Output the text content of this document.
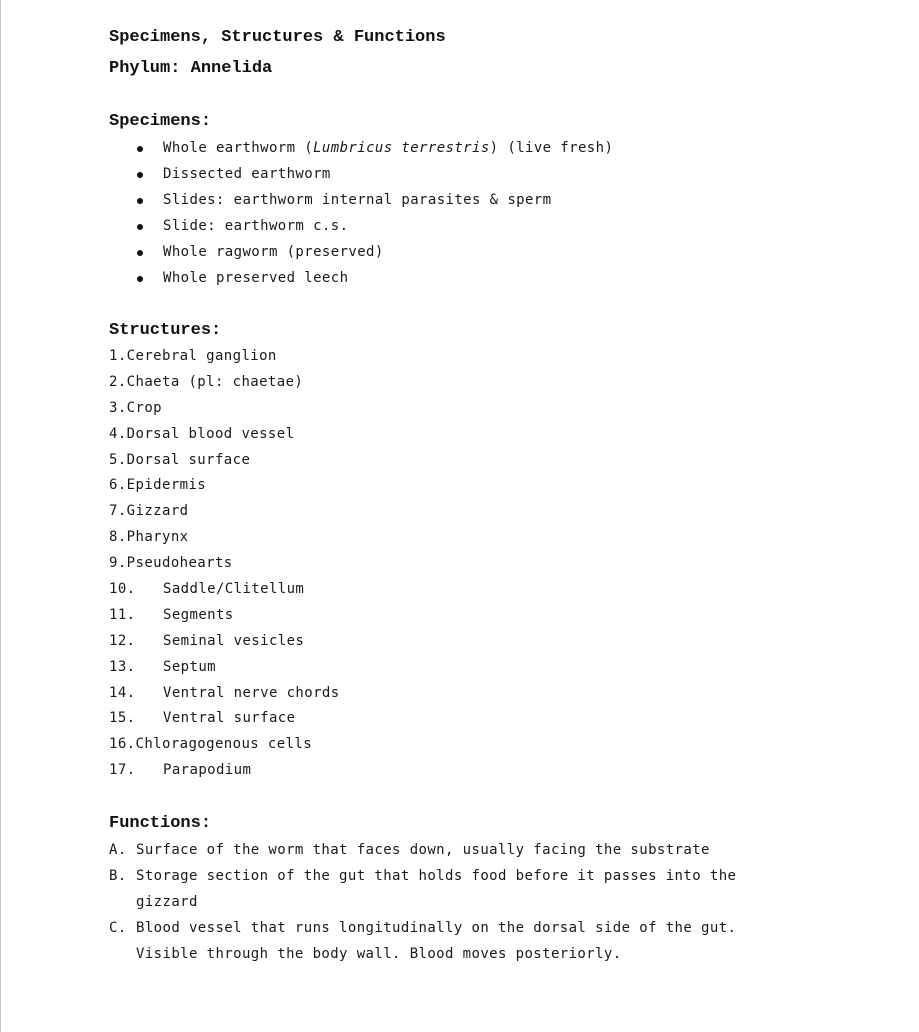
Specimens, Structures & Functions
Phylum: Annelida
Specimens:
Whole earthworm (Lumbricus terrestris) (live fresh)
Dissected earthworm
Slides: earthworm internal parasites & sperm
Slide: earthworm c.s.
Whole ragworm (preserved)
Whole preserved leech
Structures:
1.Cerebral ganglion
2.Chaeta (pl: chaetae)
3.Crop
4.Dorsal blood vessel
5.Dorsal surface
6.Epidermis
7.Gizzard
8.Pharynx
9.Pseudohearts
10. Saddle/Clitellum
11. Segments
12. Seminal vesicles
13. Septum
14. Ventral nerve chords
15. Ventral surface
16.Chloragogenous cells
17. Parapodium
Functions:
A. Surface of the worm that faces down, usually facing the substrate
B. Storage section of the gut that holds food before it passes into the gizzard
C. Blood vessel that runs longitudinally on the dorsal side of the gut. Visible through the body wall. Blood moves posteriorly.
